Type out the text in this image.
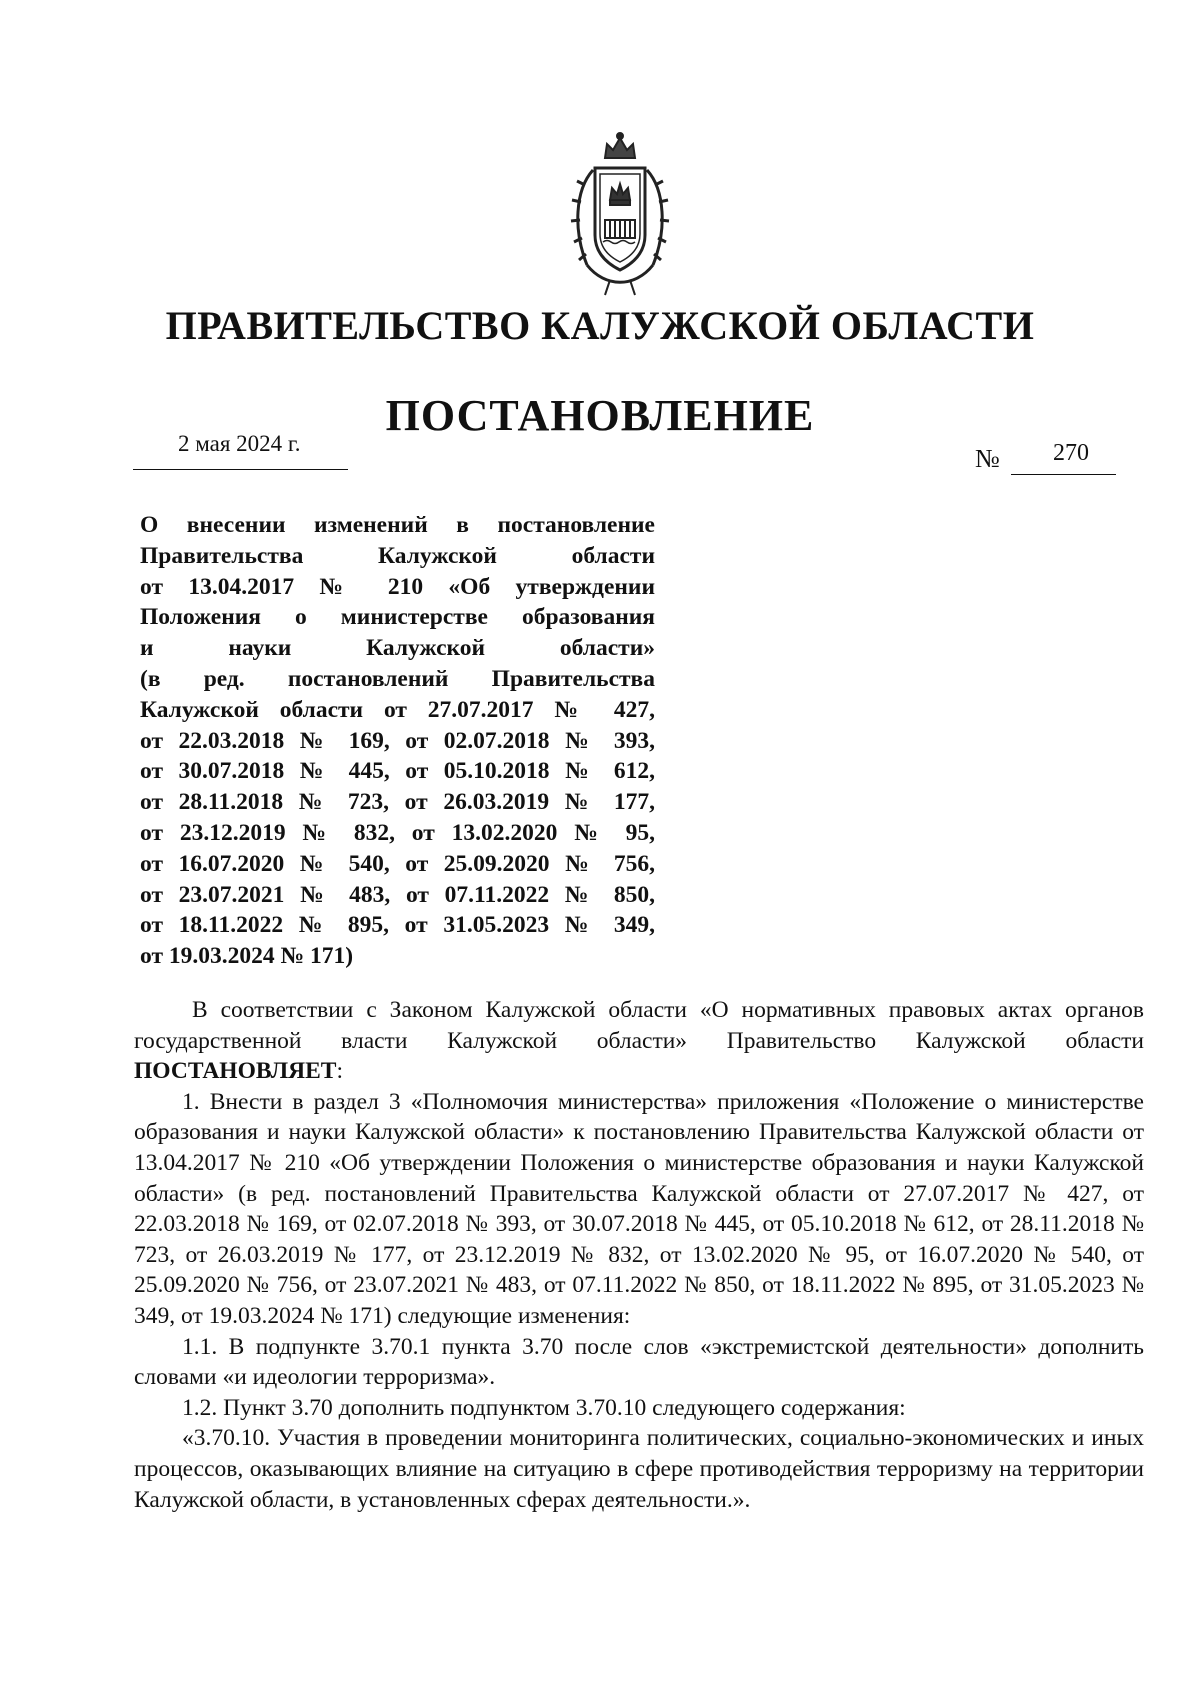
ПРАВИТЕЛЬСТВО КАЛУЖСКОЙ ОБЛАСТИ
ПОСТАНОВЛЕНИЕ
2 мая 2024 г.
№ 270
О внесении изменений в постановление
Правительства Калужской области
от 13.04.2017 № 210 «Об утверждении
Положения о министерстве образования
и науки Калужской области»
(в ред. постановлений Правительства
Калужской области от 27.07.2017 № 427,
от 22.03.2018 № 169, от 02.07.2018 № 393,
от 30.07.2018 № 445, от 05.10.2018 № 612,
от 28.11.2018 № 723, от 26.03.2019 № 177,
от 23.12.2019 № 832, от 13.02.2020 № 95,
от 16.07.2020 № 540, от 25.09.2020 № 756,
от 23.07.2021 № 483, от 07.11.2022 № 850,
от 18.11.2022 № 895, от 31.05.2023 № 349,
от 19.03.2024 № 171)

В соответствии с Законом Калужской области «О нормативных правовых актах органов государственной власти Калужской области» Правительство Калужской области ПОСТАНОВЛЯЕТ:

1. Внести в раздел 3 «Полномочия министерства» приложения «Положение о министерстве образования и науки Калужской области» к постановлению Правительства Калужской области от 13.04.2017 № 210 «Об утверждении Положения о министерстве образования и науки Калужской области» (в ред. постановлений Правительства Калужской области от 27.07.2017 № 427, от 22.03.2018 № 169, от 02.07.2018 № 393, от 30.07.2018 № 445, от 05.10.2018 № 612, от 28.11.2018 № 723, от 26.03.2019 № 177, от 23.12.2019 № 832, от 13.02.2020 № 95, от 16.07.2020 № 540, от 25.09.2020 № 756, от 23.07.2021 № 483, от 07.11.2022 № 850, от 18.11.2022 № 895, от 31.05.2023 № 349, от 19.03.2024 № 171) следующие изменения:

1.1. В подпункте 3.70.1 пункта 3.70 после слов «экстремистской деятельности» дополнить словами «и идеологии терроризма».

1.2. Пункт 3.70 дополнить подпунктом 3.70.10 следующего содержания:

«3.70.10. Участия в проведении мониторинга политических, социально-экономических и иных процессов, оказывающих влияние на ситуацию в сфере противодействия терроризму на территории Калужской области, в установленных сферах деятельности.».
